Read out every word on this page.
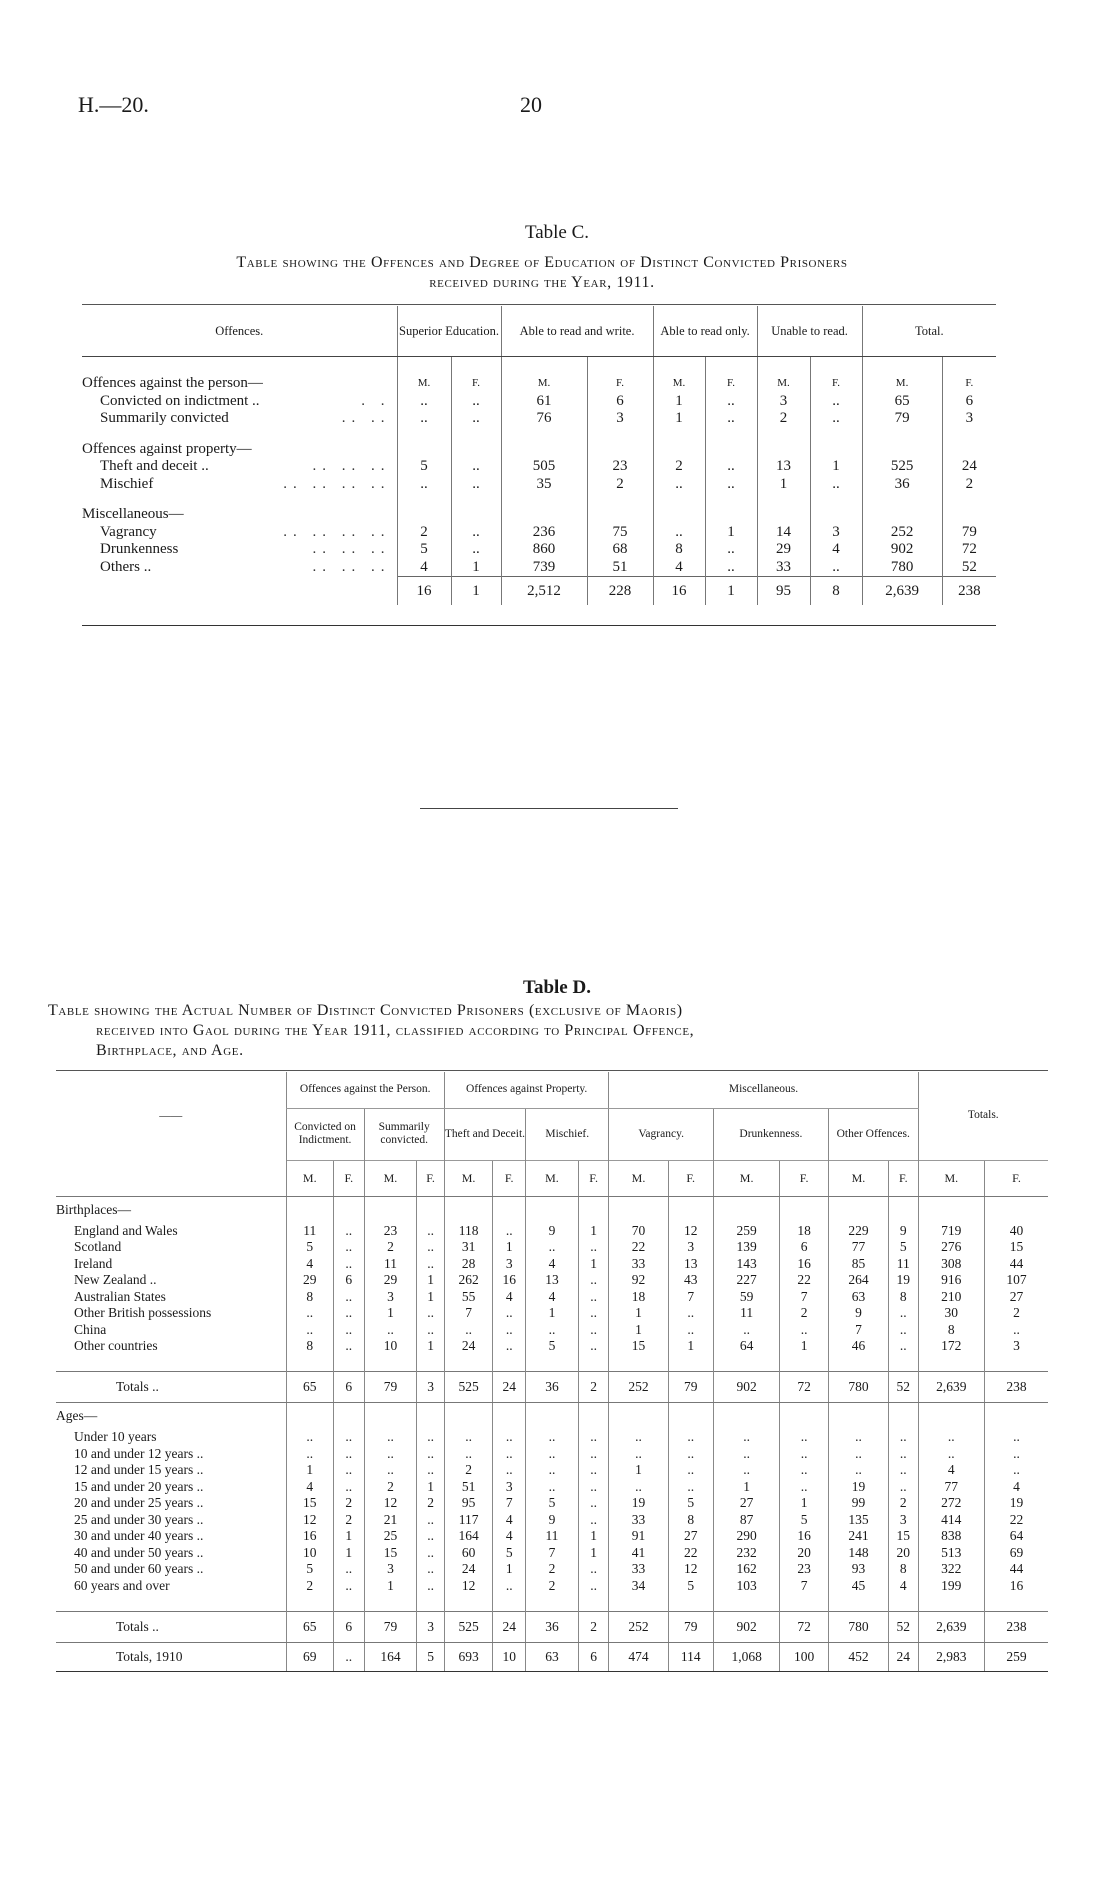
H.—20.	20
Table C.
Table showing the Offences and Degree of Education of Distinct Convicted Prisoners
received during the Year, 1911.
Offences.	Superior Education.		Able to read and write.		Able to read only.		Unable to read.		Total.	
Offences against the person—	M.	F.	M.	F.	M.	F.	M.	F.	M.	F.
Convicted on indictment .. . .	..	..	61	6	1	..	3	..	65	6
Summarily convicted .. ..	..	..	76	3	1	..	2	..	79	3

Offences against property—										
Theft and deceit .. .. .. ..	5	..	505	23	2	..	13	1	525	24
Mischief .. .. .. ..	..	..	35	2	..	..	1	..	36	2

Miscellaneous—										
Vagrancy .. .. .. ..	2	..	236	75	..	1	14	3	252	79
Drunkenness .. .. ..	5	..	860	68	8	..	29	4	902	72
Others .. .. .. ..	4	1	739	51	4	..	33	..	780	52
	16	1	2,512	228	16	1	95	8	2,639	238

Table D.
Table showing the Actual Number of Distinct Convicted Prisoners (exclusive of Maoris)
received into Gaol during the Year 1911, classified according to Principal Offence,
Birthplace, and Age.
——	Offences against the Person.				Offences against Property.				Miscellaneous.						Totals.	
	Convicted on Indictment.		Summarily convicted.		Theft and Deceit.		Mischief.		Vagrancy.		Drunkenness.		Other Offences.			
	M.	F.	M.	F.	M.	F.	M.	F.	M.	F.	M.	F.	M.	F.	M.	F.
Birthplaces—																
England and Wales	11	..	23	..	118	..	9	1	70	12	259	18	229	9	719	40
Scotland	5	..	2	..	31	1	..	..	22	3	139	6	77	5	276	15
Ireland	4	..	11	..	28	3	4	1	33	13	143	16	85	11	308	44
New Zealand ..	29	6	29	1	262	16	13	..	92	43	227	22	264	19	916	107
Australian States	8	..	3	1	55	4	4	..	18	7	59	7	63	8	210	27
Other British possessions	..	..	1	..	7	..	1	..	1	..	11	2	9	..	30	2
China	..	..	..	..	..	..	..	..	1	..	..	..	7	..	8	..
Other countries	8	..	10	1	24	..	5	..	15	1	64	1	46	..	172	3

Totals ..	65	6	79	3	525	24	36	2	252	79	902	72	780	52	2,639	238
Ages—																
Under 10 years	..	..	..	..	..	..	..	..	..	..	..	..	..	..	..	..
10 and under 12 years ..	..	..	..	..	..	..	..	..	..	..	..	..	..	..	..	..
12 and under 15 years ..	1	..	..	..	2	..	..	..	1	..	..	..	..	..	4	..
15 and under 20 years ..	4	..	2	1	51	3	..	..	..	..	1	..	19	..	77	4
20 and under 25 years ..	15	2	12	2	95	7	5	..	19	5	27	1	99	2	272	19
25 and under 30 years ..	12	2	21	..	117	4	9	..	33	8	87	5	135	3	414	22
30 and under 40 years ..	16	1	25	..	164	4	11	1	91	27	290	16	241	15	838	64
40 and under 50 years ..	10	1	15	..	60	5	7	1	41	22	232	20	148	20	513	69
50 and under 60 years ..	5	..	3	..	24	1	2	..	33	12	162	23	93	8	322	44
60 years and over	2	..	1	..	12	..	2	..	34	5	103	7	45	4	199	16

Totals ..	65	6	79	3	525	24	36	2	252	79	902	72	780	52	2,639	238
Totals, 1910	69	..	164	5	693	10	63	6	474	114	1,068	100	452	24	2,983	259
